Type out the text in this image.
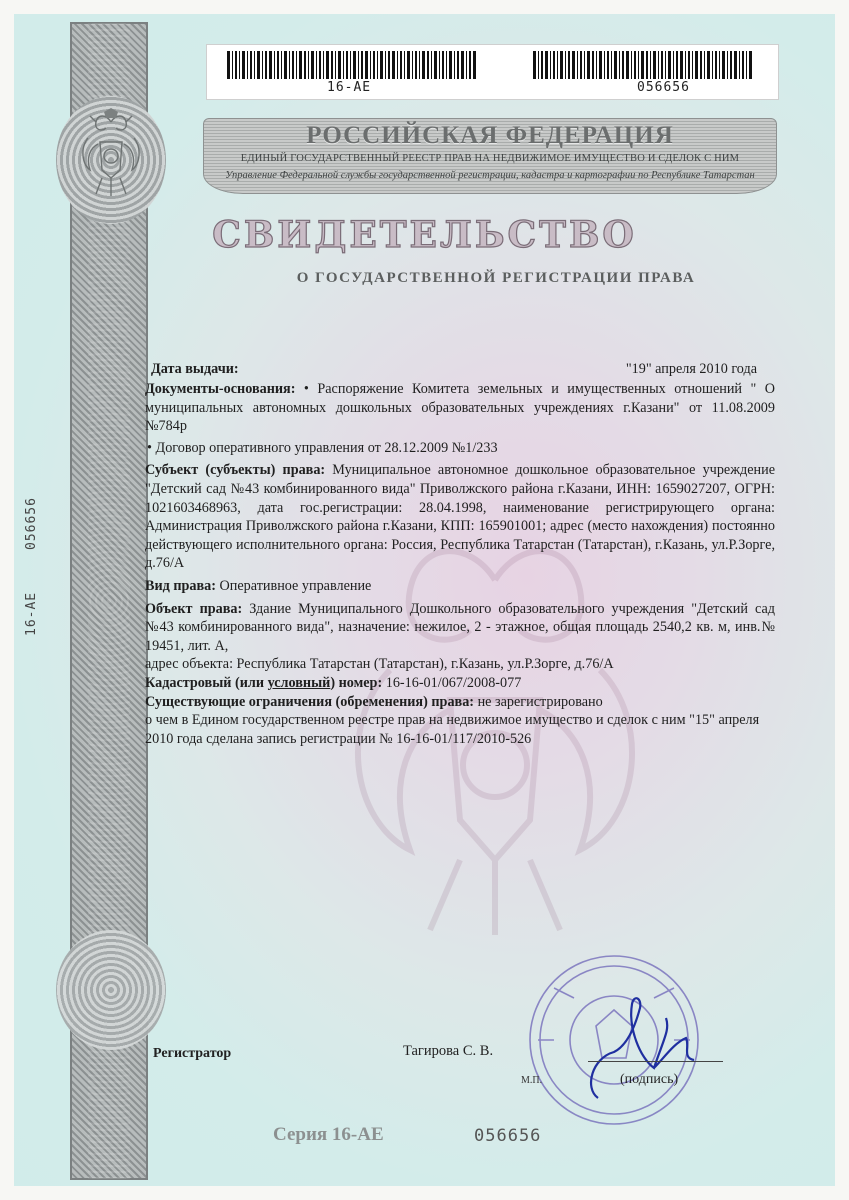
056656
16-АЕ
16-АЕ	056656
РОССИЙСКАЯ ФЕДЕРАЦИЯ
ЕДИНЫЙ ГОСУДАРСТВЕННЫЙ РЕЕСТР ПРАВ НА НЕДВИЖИМОЕ ИМУЩЕСТВО И СДЕЛОК С НИМ
Управление Федеральной службы государственной регистрации, кадастра и картографии по Республике Татарстан
СВИДЕТЕЛЬСТВО
О ГОСУДАРСТВЕННОЙ РЕГИСТРАЦИИ ПРАВА
Дата выдачи:	"19" апреля 2010 года

Документы-основания: • Распоряжение Комитета земельных и имущественных отношений " О муниципальных автономных дошкольных образовательных учреждениях г.Казани" от 11.08.2009 №784р

• Договор оперативного управления от 28.12.2009 №1/233

Субъект (субъекты) права: Муниципальное автономное дошкольное образовательное учреждение "Детский сад №43 комбинированного вида" Приволжского района г.Казани, ИНН: 1659027207, ОГРН: 1021603468963, дата гос.регистрации: 28.04.1998, наименование регистрирующего органа: Администрация Приволжского района г.Казани, КПП: 165901001; адрес (место нахождения) постоянно действующего исполнительного органа: Россия, Республика Татарстан (Татарстан), г.Казань, ул.Р.Зорге, д.76/А

Вид права: Оперативное управление

Объект права: Здание Муниципального Дошкольного образовательного учреждения "Детский сад №43 комбинированного вида", назначение: нежилое, 2 - этажное, общая площадь 2540,2 кв. м, инв.№ 19451, лит. А,

адрес объекта: Республика Татарстан (Татарстан), г.Казань, ул.Р.Зорге, д.76/А

Кадастровый (или условный) номер: 16-16-01/067/2008-077

Существующие ограничения (обременения) права: не зарегистрировано

о чем в Едином государственном реестре прав на недвижимое имущество и сделок с ним "15" апреля 2010 года сделана запись регистрации № 16-16-01/117/2010-526

Регистратор	Тагирова С. В.
М.П.	(подпись)
Серия 16-АЕ	056656
